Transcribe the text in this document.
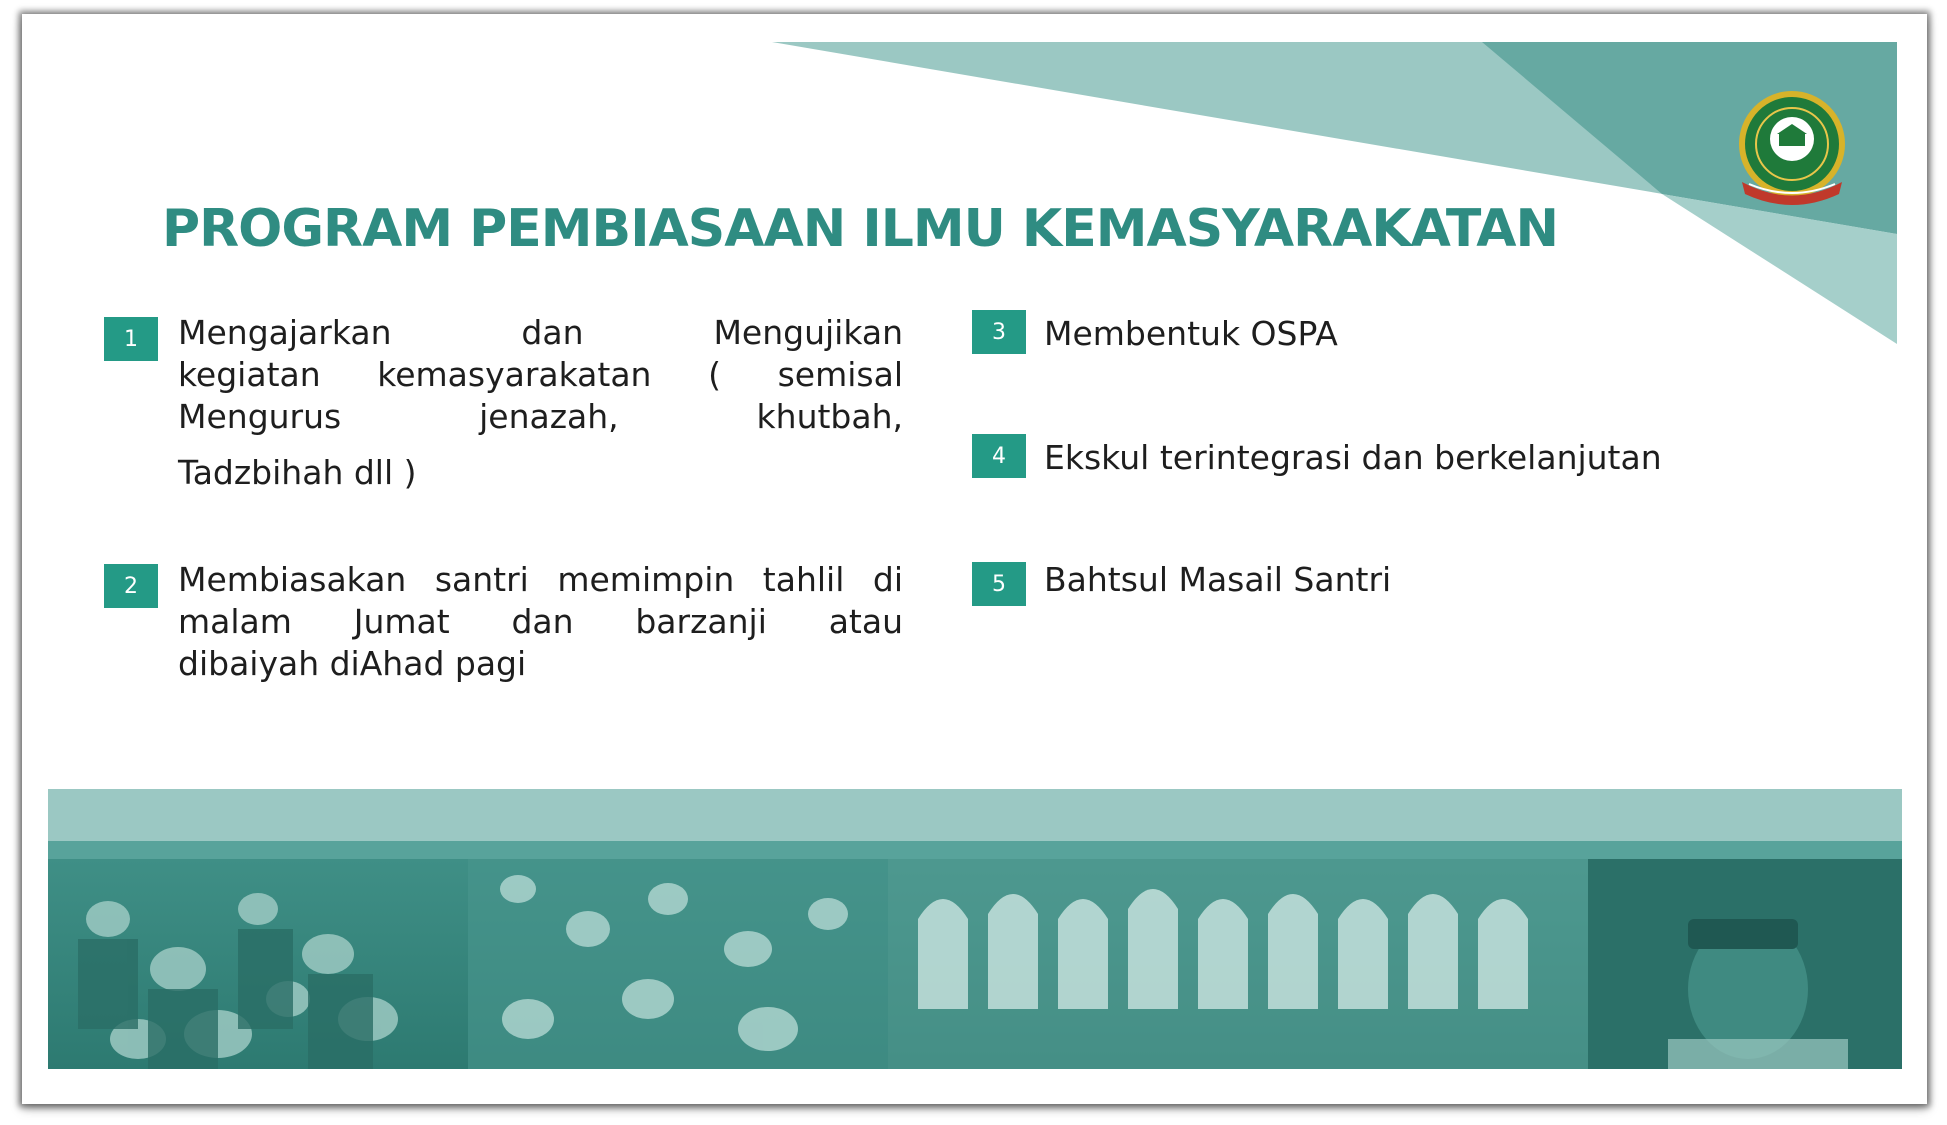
PROGRAM PEMBIASAAN ILMU KEMASYARAKATAN
1	Mengajarkan dan Mengujikan
kegiatan kemasyarakatan ( semisal
Mengurus jenazah, khutbah,
Tadzbihah dll )
2	Membiasakan santri memimpin tahlil di
malam Jumat dan barzanji atau
dibaiyah diAhad pagi
3	Membentuk OSPA
4	Ekskul terintegrasi dan berkelanjutan
5	Bahtsul Masail Santri
